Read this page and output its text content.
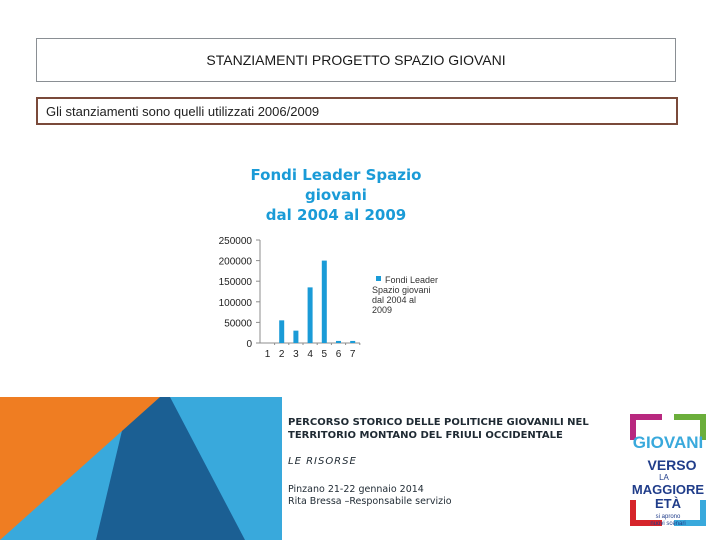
STANZIAMENTI PROGETTO SPAZIO GIOVANI
Gli stanziamenti sono quelli utilizzati 2006/2009
Fondi Leader Spazio
giovani
dal 2004 al 2009
250000
200000
150000
100000
50000
0
1 2 3 4 5 6 7
Fondi Leader
Spazio giovani
dal 2004 al
2009
PERCORSO STORICO DELLE POLITICHE GIOVANILI NEL
TERRITORIO MONTANO DEL FRIULI OCCIDENTALE
LE RISORSE
Pinzano 21-22 gennaio 2014
Rita Bressa –Responsabile servizio
GIOVANI
VERSO
LA
MAGGIORE
ETÀ
si aprono
nuovi scenari
